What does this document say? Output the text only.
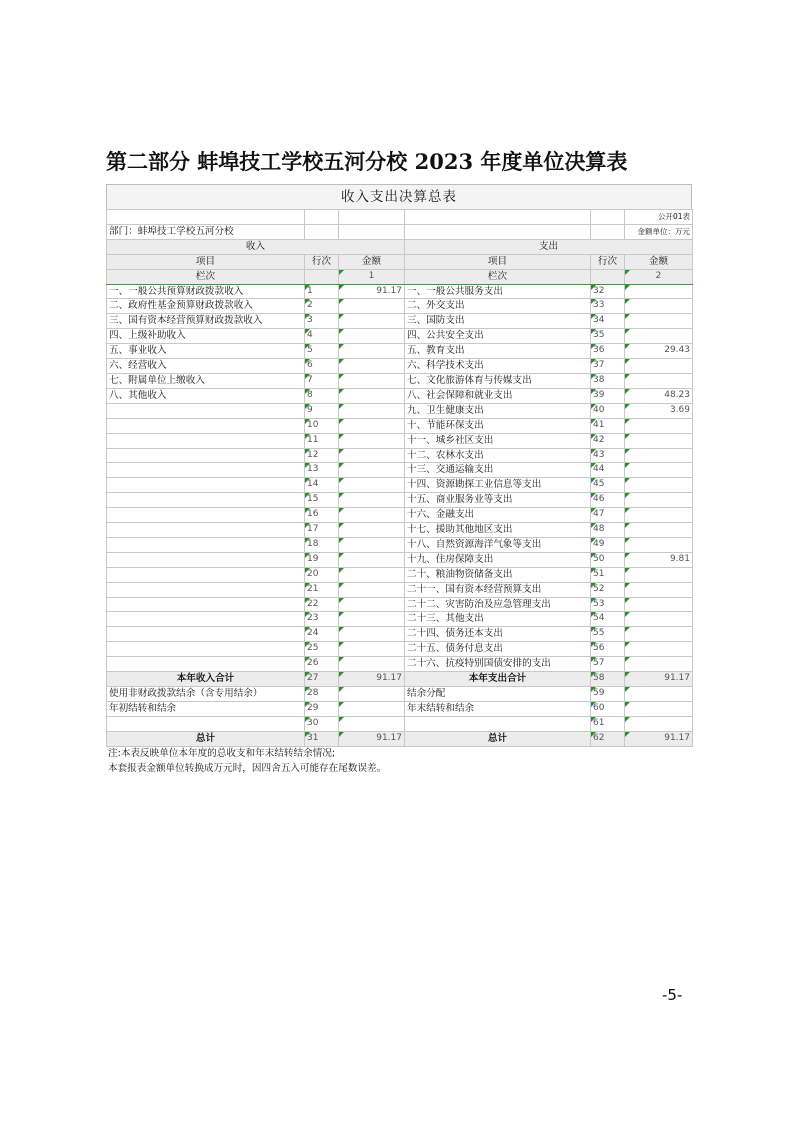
第二部分 蚌埠技工学校五河分校 2023 年度单位决算表
收入支出决算总表
					公开01表
部门：蚌埠技工学校五河分校					金额单位：万元
收入			支出		
项目	行次	金额	项目	行次	金额
栏次		1	栏次		2
一、一般公共预算财政拨款收入	1	91.17	一、一般公共服务支出	32	
二、政府性基金预算财政拨款收入	2		二、外交支出	33	
三、国有资本经营预算财政拨款收入	3		三、国防支出	34	
四、上级补助收入	4		四、公共安全支出	35	
五、事业收入	5		五、教育支出	36	29.43
六、经营收入	6		六、科学技术支出	37	
七、附属单位上缴收入	7		七、文化旅游体育与传媒支出	38	
八、其他收入	8		八、社会保障和就业支出	39	48.23
	9		九、卫生健康支出	40	3.69
	10		十、节能环保支出	41	
	11		十一、城乡社区支出	42	
	12		十二、农林水支出	43	
	13		十三、交通运输支出	44	
	14		十四、资源勘探工业信息等支出	45	
	15		十五、商业服务业等支出	46	
	16		十六、金融支出	47	
	17		十七、援助其他地区支出	48	
	18		十八、自然资源海洋气象等支出	49	
	19		十九、住房保障支出	50	9.81
	20		二十、粮油物资储备支出	51	
	21		二十一、国有资本经营预算支出	52	
	22		二十二、灾害防治及应急管理支出	53	
	23		二十三、其他支出	54	
	24		二十四、债务还本支出	55	
	25		二十五、债务付息支出	56	
	26		二十六、抗疫特别国债安排的支出	57	
本年收入合计	27	91.17	本年支出合计	58	91.17
使用非财政拨款结余（含专用结余）	28		结余分配	59	
年初结转和结余	29		年末结转和结余	60	
	30			61	
总计	31	91.17	总计	62	91.17
注:本表反映单位本年度的总收支和年末结转结余情况;
本套报表金额单位转换成万元时，因四舍五入可能存在尾数误差。
-5-
